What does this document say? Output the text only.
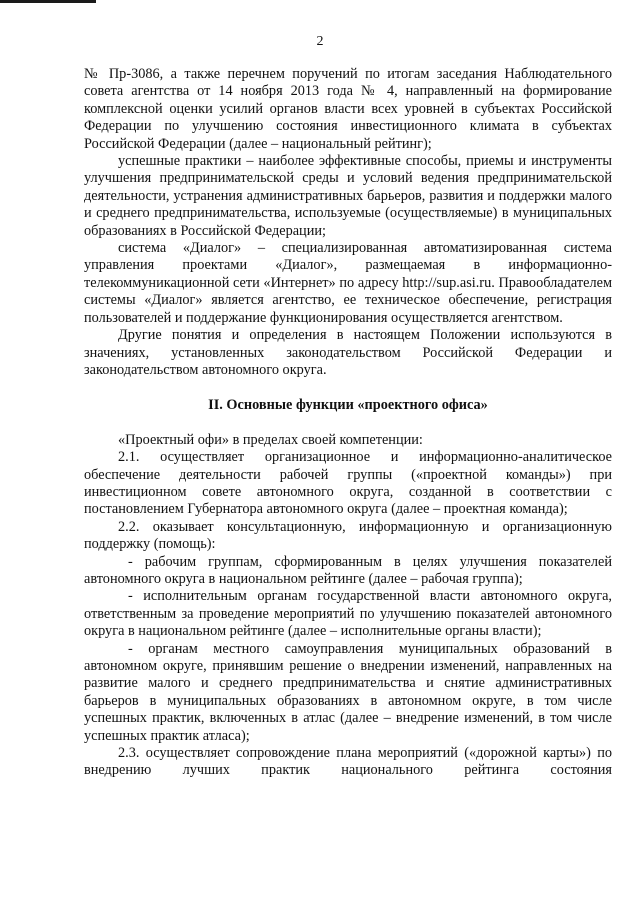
2

№ Пр-3086, а также перечнем поручений по итогам заседания Наблюдательного совета агентства от 14 ноября 2013 года № 4, направленный на формирование комплексной оценки усилий органов власти всех уровней в субъектах Российской Федерации по улучшению состояния инвестиционного климата в субъектах Российской Федерации (далее – национальный рейтинг);

успешные практики – наиболее эффективные способы, приемы и инструменты улучшения предпринимательской среды и условий ведения предпринимательской деятельности, устранения административных барьеров, развития и поддержки малого и среднего предпринимательства, используемые (осуществляемые) в муниципальных образованиях в Российской Федерации;

система «Диалог» – специализированная автоматизированная система управления проектами «Диалог», размещаемая в информационно-телекоммуникационной сети «Интернет» по адресу http://sup.asi.ru. Правообладателем системы «Диалог» является агентство, ее техническое обеспечение, регистрация пользователей и поддержание функционирования осуществляется агентством.

Другие понятия и определения в настоящем Положении используются в значениях, установленных законодательством Российской Федерации и законодательством автономного округа.

II. Основные функции «проектного офиса»

«Проектный офи» в пределах своей компетенции:

2.1. осуществляет организационное и информационно-аналитическое обеспечение деятельности рабочей группы («проектной команды») при инвестиционном совете автономного округа, созданной в соответствии с постановлением Губернатора автономного округа (далее – проектная команда);

2.2. оказывает консультационную, информационную и организационную поддержку (помощь):

- рабочим группам, сформированным в целях улучшения показателей автономного округа в национальном рейтинге (далее – рабочая группа);

- исполнительным органам государственной власти автономного округа, ответственным за проведение мероприятий по улучшению показателей автономного округа в национальном рейтинге (далее – исполнительные органы власти);

- органам местного самоуправления муниципальных образований в автономном округе, принявшим решение о внедрении изменений, направленных на развитие малого и среднего предпринимательства и снятие административных барьеров в муниципальных образованиях в автономном округе, в том числе успешных практик, включенных в атлас (далее – внедрение изменений, в том числе успешных практик атласа);

2.3. осуществляет сопровождение плана мероприятий («дорожной карты») по внедрению лучших практик национального рейтинга состояния
